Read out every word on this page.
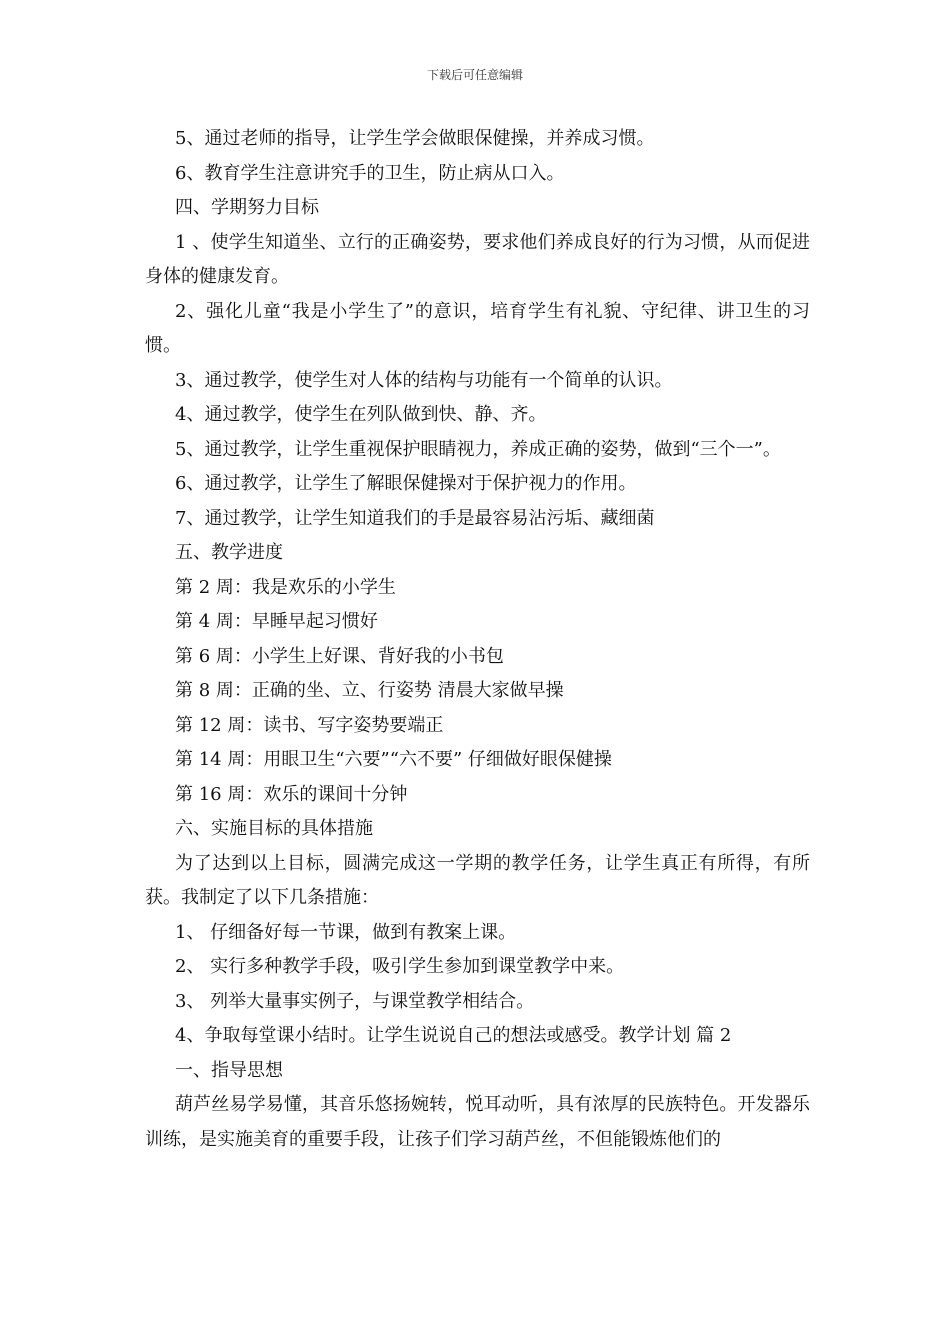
下载后可任意编辑

5、通过老师的指导，让学生学会做眼保健操，并养成习惯。

6、教育学生注意讲究手的卫生，防止病从口入。

四、学期努力目标

1 、使学生知道坐、立行的正确姿势，要求他们养成良好的行为习惯，从而促进身体的健康发育。

2、强化儿童“我是小学生了”的意识，培育学生有礼貌、守纪律、讲卫生的习惯。

3、通过教学，使学生对人体的结构与功能有一个简单的认识。

4、通过教学，使学生在列队做到快、静、齐。

5、通过教学，让学生重视保护眼睛视力，养成正确的姿势，做到“三个一”。

6、通过教学，让学生了解眼保健操对于保护视力的作用。

7、通过教学，让学生知道我们的手是最容易沾污垢、藏细菌

五、教学进度

第 2 周：我是欢乐的小学生

第 4 周：早睡早起习惯好

第 6 周：小学生上好课、背好我的小书包

第 8 周：正确的坐、立、行姿势 清晨大家做早操

第 12 周：读书、写字姿势要端正

第 14 周：用眼卫生“六要”“六不要” 仔细做好眼保健操

第 16 周：欢乐的课间十分钟

六、实施目标的具体措施

为了达到以上目标，圆满完成这一学期的教学任务，让学生真正有所得，有所获。我制定了以下几条措施：

1、 仔细备好每一节课，做到有教案上课。

2、 实行多种教学手段，吸引学生参加到课堂教学中来。

3、 列举大量事实例子，与课堂教学相结合。

4、争取每堂课小结时。让学生说说自己的想法或感受。教学计划 篇 2

一、指导思想

葫芦丝易学易懂，其音乐悠扬婉转，悦耳动听，具有浓厚的民族特色。开发器乐训练，是实施美育的重要手段，让孩子们学习葫芦丝，不但能锻炼他们的
